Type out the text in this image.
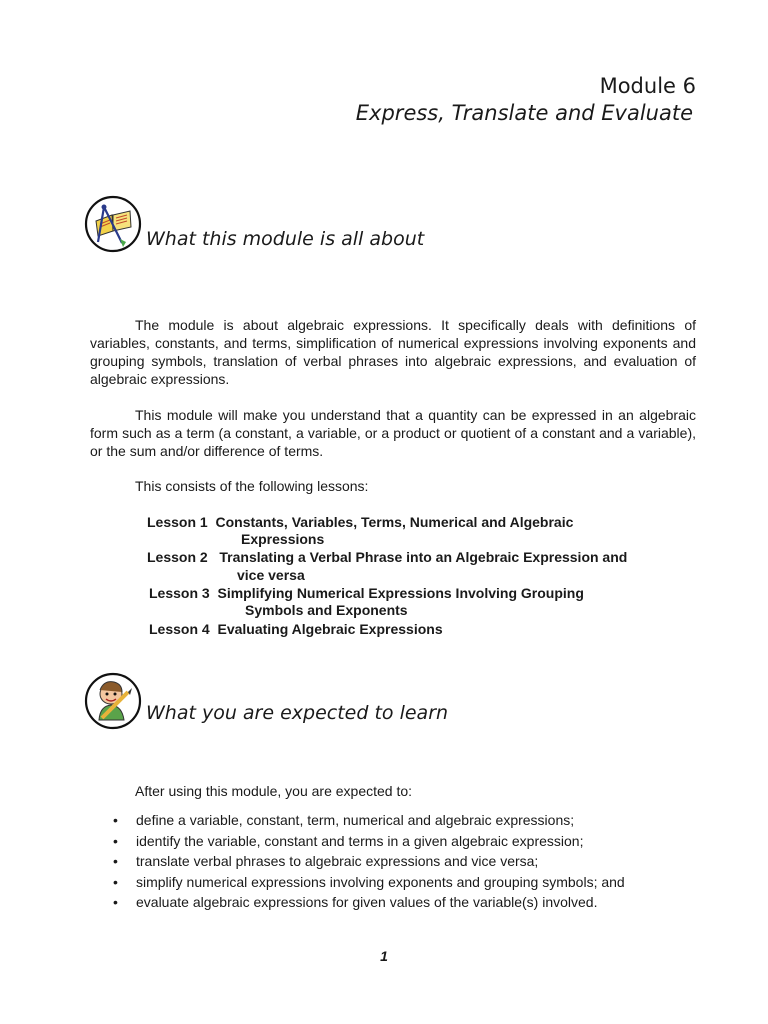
Module 6
Express, Translate and Evaluate
What this module is all about

The module is about algebraic expressions. It specifically deals with definitions of variables, constants, and terms, simplification of numerical expressions involving exponents and grouping symbols, translation of verbal phrases into algebraic expressions, and evaluation of algebraic expressions.

This module will make you understand that a quantity can be expressed in an algebraic form such as a term (a constant, a variable, or a product or quotient of a constant and a variable), or the sum and/or difference of terms.

This consists of the following lessons:

Lesson 1 Constants, Variables, Terms, Numerical and Algebraic
Expressions
Lesson 2 Translating a Verbal Phrase into an Algebraic Expression and
vice versa
Lesson 3 Simplifying Numerical Expressions Involving Grouping
Symbols and Exponents
Lesson 4 Evaluating Algebraic Expressions
What you are expected to learn

After using this module, you are expected to:

• define a variable, constant, term, numerical and algebraic expressions;
• identify the variable, constant and terms in a given algebraic expression;
• translate verbal phrases to algebraic expressions and vice versa;
• simplify numerical expressions involving exponents and grouping symbols; and
• evaluate algebraic expressions for given values of the variable(s) involved.
1
